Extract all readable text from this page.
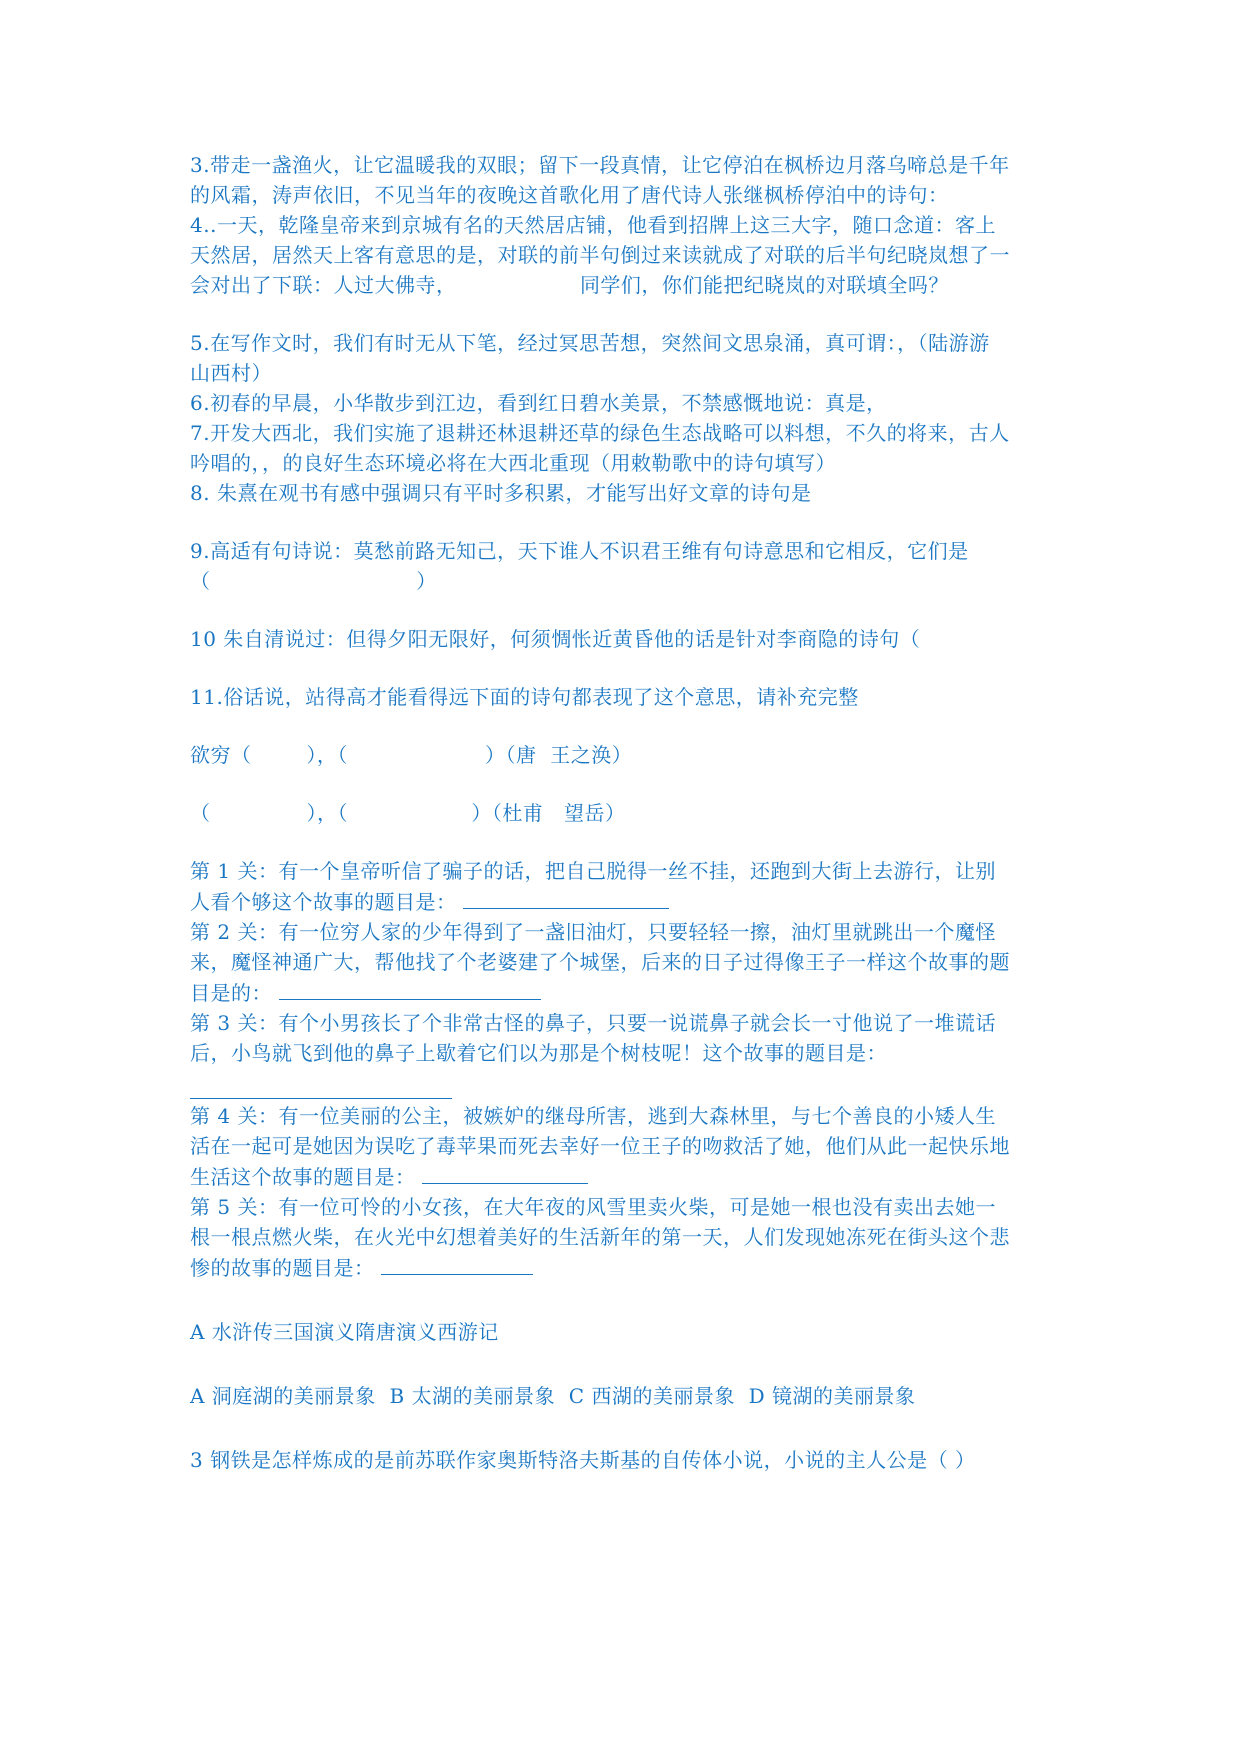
3.带走一盏渔火，让它温暖我的双眼；留下一段真情，让它停泊在枫桥边月落乌啼总是千年

的风霜，涛声依旧，不见当年的夜晚这首歌化用了唐代诗人张继枫桥停泊中的诗句：

4..一天，乾隆皇帝来到京城有名的天然居店铺，他看到招牌上这三大字，随口念道：客上

天然居，居然天上客有意思的是，对联的前半句倒过来读就成了对联的后半句纪晓岚想了一

会对出了下联：人过大佛寺，	同学们，你们能把纪晓岚的对联填全吗？

5.在写作文时，我们有时无从下笔，经过冥思苦想，突然间文思泉涌，真可谓：，（陆游游

山西村）

6.初春的早晨，小华散步到江边，看到红日碧水美景，不禁感慨地说：真是，

7.开发大西北，我们实施了退耕还林退耕还草的绿色生态战略可以料想，不久的将来，古人

吟唱的，，的良好生态环境必将在大西北重现（用敕勒歌中的诗句填写）

8. 朱熹在观书有感中强调只有平时多积累，才能写出好文章的诗句是

9.高适有句诗说：莫愁前路无知己，天下谁人不识君王维有句诗意思和它相反，它们是

（                              ）

10 朱自清说过：但得夕阳无限好，何须惆怅近黄昏他的话是针对李商隐的诗句（

11.俗话说，站得高才能看得远下面的诗句都表现了这个意思，请补充完整

欲穷（        ），（                    ）（唐  王之涣）

（              ），（                  ）（杜甫   望岳）

第 1 关：有一个皇帝听信了骗子的话，把自己脱得一丝不挂，还跑到大街上去游行，让别

人看个够这个故事的题目是：

第 2 关：有一位穷人家的少年得到了一盏旧油灯，只要轻轻一擦，油灯里就跳出一个魔怪

来，魔怪神通广大，帮他找了个老婆建了个城堡，后来的日子过得像王子一样这个故事的题

目是的：

第 3 关：有个小男孩长了个非常古怪的鼻子，只要一说谎鼻子就会长一寸他说了一堆谎话

后，小鸟就飞到他的鼻子上歇着它们以为那是个树枝呢！这个故事的题目是：

第 4 关：有一位美丽的公主，被嫉妒的继母所害，逃到大森林里，与七个善良的小矮人生

活在一起可是她因为误吃了毒苹果而死去幸好一位王子的吻救活了她，他们从此一起快乐地

生活这个故事的题目是：

第 5 关：有一位可怜的小女孩，在大年夜的风雪里卖火柴，可是她一根也没有卖出去她一

根一根点燃火柴，在火光中幻想着美好的生活新年的第一天，人们发现她冻死在街头这个悲

惨的故事的题目是：

A 水浒传三国演义隋唐演义西游记

A 洞庭湖的美丽景象  B 太湖的美丽景象  C 西湖的美丽景象  D 镜湖的美丽景象

3 钢铁是怎样炼成的是前苏联作家奥斯特洛夫斯基的自传体小说，小说的主人公是（ ）
